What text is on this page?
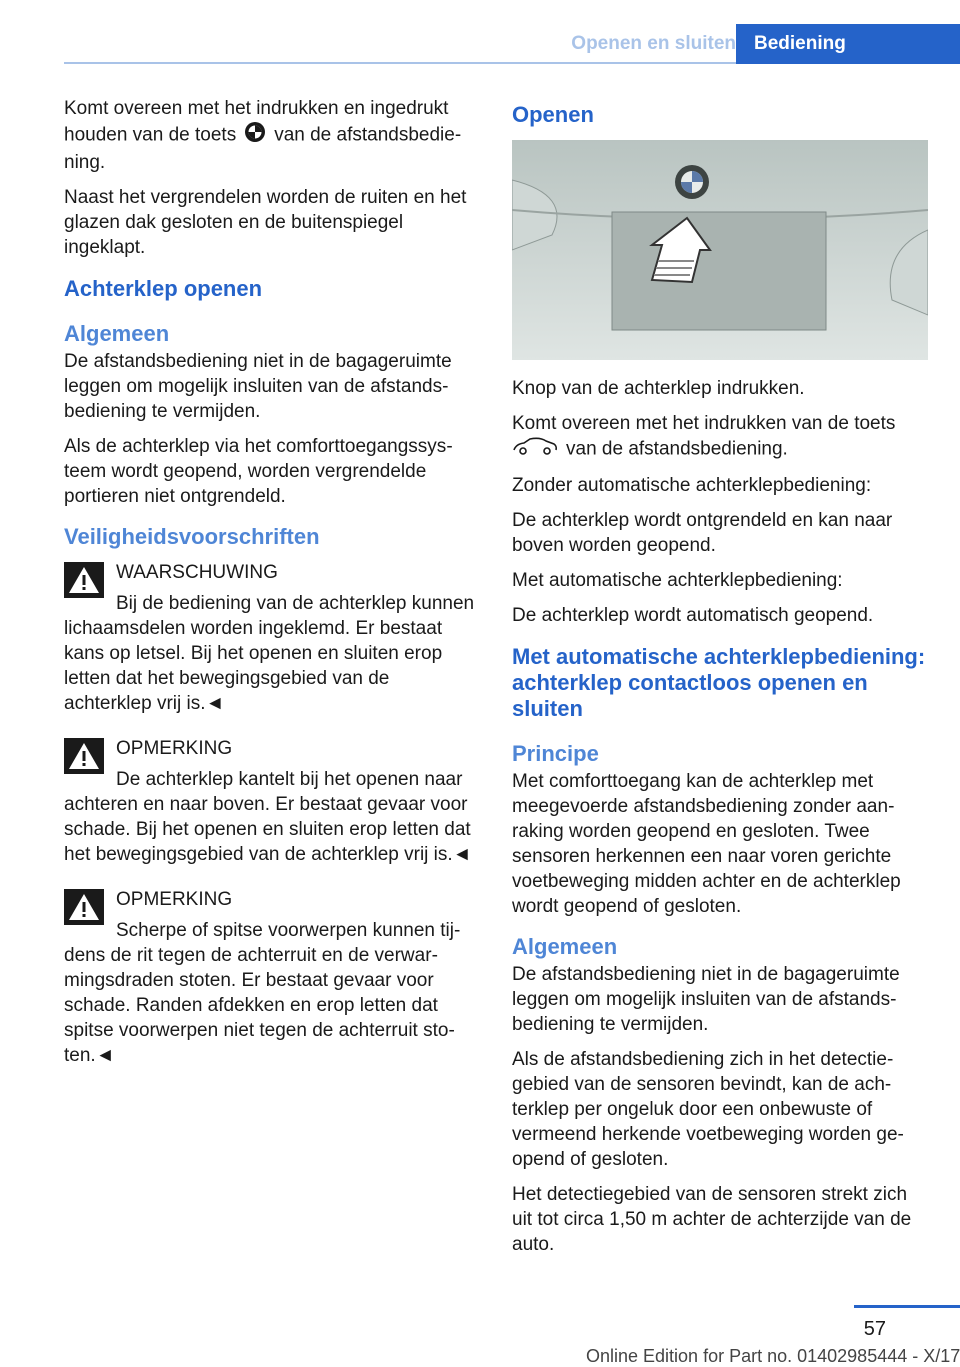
Openen en sluiten Bediening

Komt overeen met het indrukken en ingedrukt houden van de toets van de afstandsbediening.

Naast het vergrendelen worden de ruiten en het glazen dak gesloten en de buitenspiegel ingeklapt.

Achterklep openen
Algemeen

De afstandsbediening niet in de bagageruimte leggen om mogelijk insluiten van de afstandsbediening te vermijden.

Als de achterklep via het comforttoegangssysteem wordt geopend, worden vergrendelde portieren niet ontgrendeld.

Veiligheidsvoorschriften
WAARSCHUWING
Bij de bediening van de achterklep kunnen lichaamsdelen worden ingeklemd. Er bestaat kans op letsel. Bij het openen en sluiten erop letten dat het bewegingsgebied van de achterklep vrij is.◄
OPMERKING
De achterklep kantelt bij het openen naar achteren en naar boven. Er bestaat gevaar voor schade. Bij het openen en sluiten erop letten dat het bewegingsgebied van de achterklep vrij is.◄
OPMERKING
Scherpe of spitse voorwerpen kunnen tijdens de rit tegen de achterruit en de verwarmingsdraden stoten. Er bestaat gevaar voor schade. Randen afdekken en erop letten dat spitse voorwerpen niet tegen de achterruit stoten.◄
Openen

Knop van de achterklep indrukken.

Komt overeen met het indrukken van de toets
van de afstandsbediening.

Zonder automatische achterklepbediening:

De achterklep wordt ontgrendeld en kan naar boven worden geopend.

Met automatische achterklepbediening:

De achterklep wordt automatisch geopend.

Met automatische achterklepbediening: achterklep contactloos openen en sluiten
Principe

Met comforttoegang kan de achterklep met meegevoerde afstandsbediening zonder aanraking worden geopend en gesloten. Twee sensoren herkennen een naar voren gerichte voetbeweging midden achter en de achterklep wordt geopend of gesloten.

Algemeen

De afstandsbediening niet in de bagageruimte leggen om mogelijk insluiten van de afstandsbediening te vermijden.

Als de afstandsbediening zich in het detectiegebied van de sensoren bevindt, kan de achterklep per ongeluk door een onbewuste of vermeend herkende voetbeweging worden geopend of gesloten.

Het detectiegebied van de sensoren strekt zich uit tot circa 1,50 m achter de achterzijde van de auto.

57
Online Edition for Part no. 01402985444 - X/17
